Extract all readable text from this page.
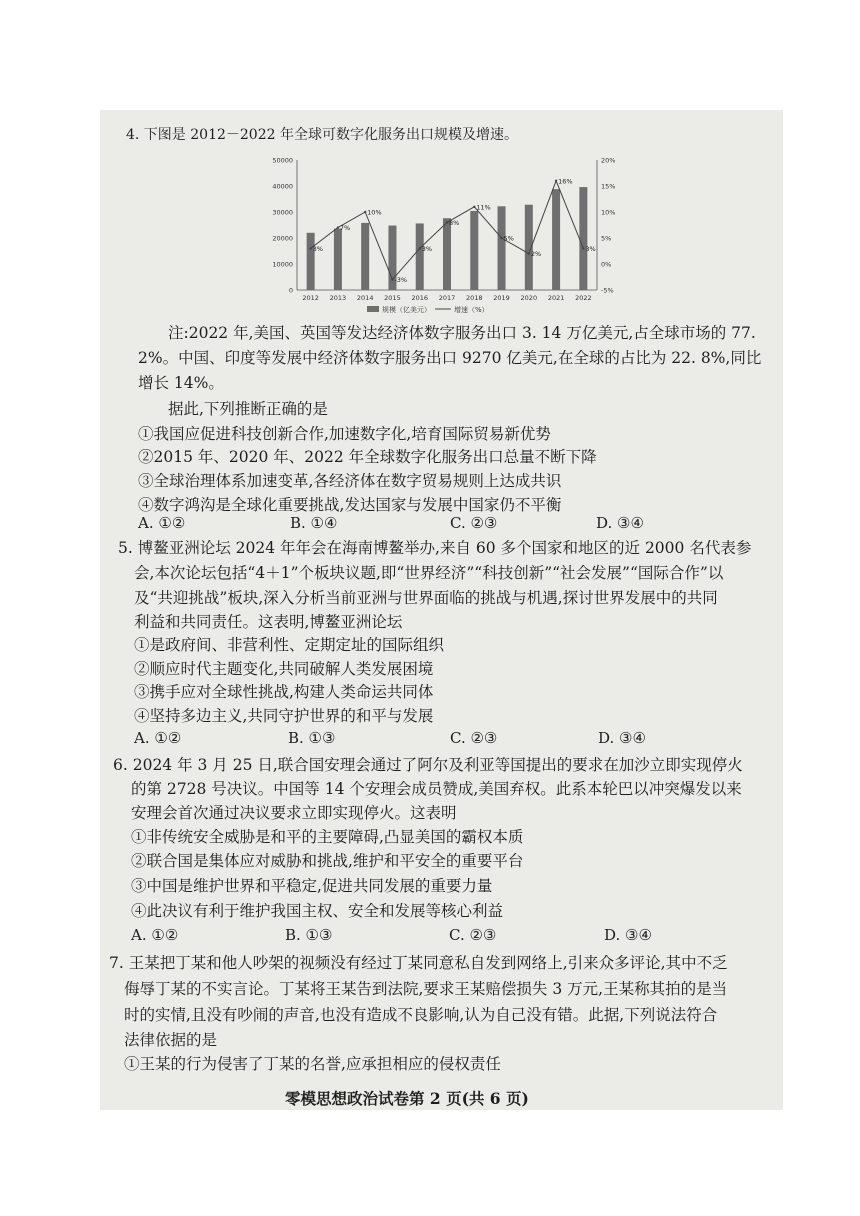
4. 下图是 2012－2022 年全球可数字化服务出口规模及增速。
0
10000
20000
30000
40000
50000
-5%
0%
5%
10%
15%
20%
2012 2013 2014 2015 2016 2017 2018 2019 2020 2021 2022
3%
7%
10%
-3%
3%
8%
11%
5%
2%
16%
3%
规模（亿美元）	增速（%）
注:2022 年,美国、英国等发达经济体数字服务出口 3. 14 万亿美元,占全球市场的 77.
2%。中国、印度等发展中经济体数字服务出口 9270 亿美元,在全球的占比为 22. 8%,同比
增长 14%。
据此,下列推断正确的是
①我国应促进科技创新合作,加速数字化,培育国际贸易新优势
②2015 年、2020 年、2022 年全球数字化服务出口总量不断下降
③全球治理体系加速变革,各经济体在数字贸易规则上达成共识
④数字鸿沟是全球化重要挑战,发达国家与发展中国家仍不平衡
A. ①②	B. ①④	C. ②③	D. ③④
5. 博鳌亚洲论坛 2024 年年会在海南博鳌举办,来自 60 多个国家和地区的近 2000 名代表参
会,本次论坛包括“4＋1”个板块议题,即“世界经济”“科技创新”“社会发展”“国际合作”以
及“共迎挑战”板块,深入分析当前亚洲与世界面临的挑战与机遇,探讨世界发展中的共同
利益和共同责任。这表明,博鳌亚洲论坛
①是政府间、非营利性、定期定址的国际组织
②顺应时代主题变化,共同破解人类发展困境
③携手应对全球性挑战,构建人类命运共同体
④坚持多边主义,共同守护世界的和平与发展
A. ①②	B. ①③	C. ②③	D. ③④
6. 2024 年 3 月 25 日,联合国安理会通过了阿尔及利亚等国提出的要求在加沙立即实现停火
的第 2728 号决议。中国等 14 个安理会成员赞成,美国弃权。此系本轮巴以冲突爆发以来
安理会首次通过决议要求立即实现停火。这表明
①非传统安全威胁是和平的主要障碍,凸显美国的霸权本质
②联合国是集体应对威胁和挑战,维护和平安全的重要平台
③中国是维护世界和平稳定,促进共同发展的重要力量
④此决议有利于维护我国主权、安全和发展等核心利益
A. ①②	B. ①③	C. ②③	D. ③④
7. 王某把丁某和他人吵架的视频没有经过丁某同意私自发到网络上,引来众多评论,其中不乏
侮辱丁某的不实言论。丁某将王某告到法院,要求王某赔偿损失 3 万元,王某称其拍的是当
时的实情,且没有吵闹的声音,也没有造成不良影响,认为自己没有错。此据,下列说法符合
法律依据的是
①王某的行为侵害了丁某的名誉,应承担相应的侵权责任
零模思想政治试卷第 2 页(共 6 页)
